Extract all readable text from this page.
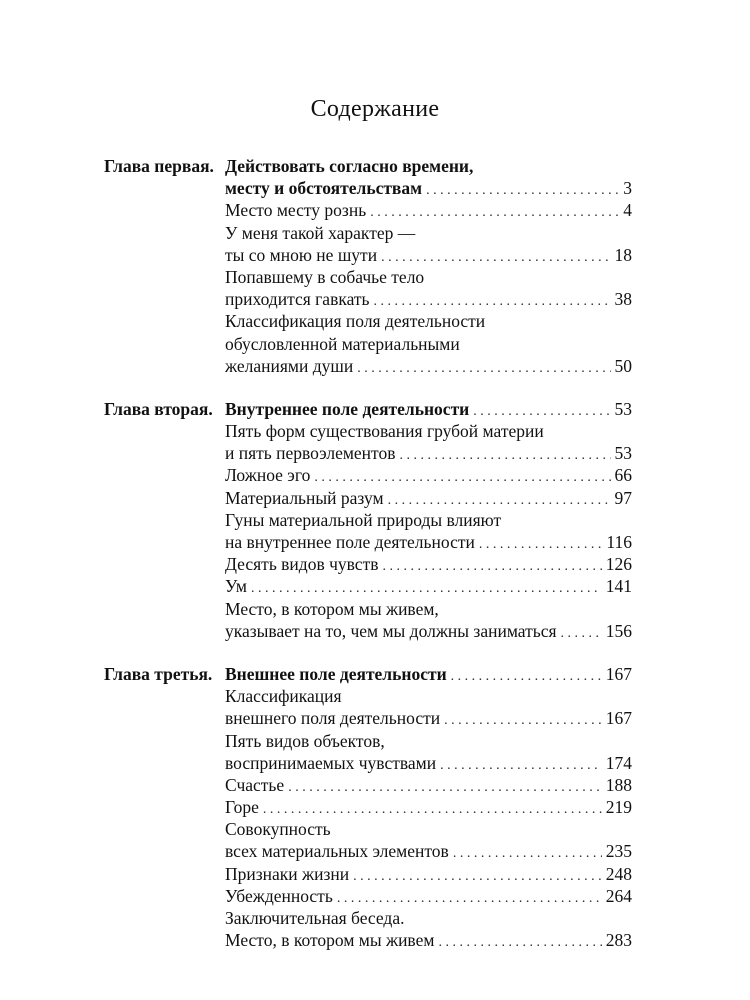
Содержание
Глава первая. Действовать согласно времени,
месту и обстоятельствам . . .	3
Место месту рознь . . .	4
У меня такой характер —
ты со мною не шути . . .	18
Попавшему в собачье тело
приходится гавкать . . .	38
Классификация поля деятельности
обусловленной материальными
желаниями души . . .	50
Глава вторая. Внутреннее поле деятельности . . .	53
Пять форм существования грубой материи
и пять первоэлементов . . .	53
Ложное эго . . .	66
Материальный разум . . .	97
Гуны материальной природы влияют
на внутреннее поле деятельности . . .	116
Десять видов чувств . . .	126
Ум . . .	141
Место, в котором мы живем,
указывает на то, чем мы должны заниматься . . .	156
Глава третья. Внешнее поле деятельности . . .	167
Классификация
внешнего поля деятельности . . .	167
Пять видов объектов,
воспринимаемых чувствами . . .	174
Счастье . . .	188
Горе . . .	219
Совокупность
всех материальных элементов . . .	235
Признаки жизни . . .	248
Убежденность . . .	264
Заключительная беседа.
Место, в котором мы живем . . .	283
